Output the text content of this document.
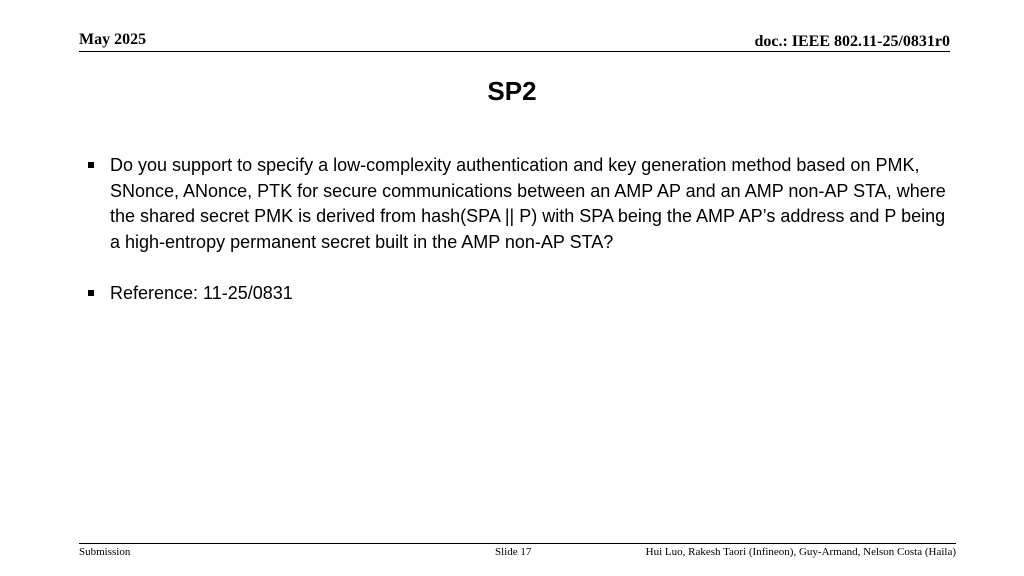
May 2025	doc.: IEEE 802.11-25/0831r0
SP2

Do you support to specify a low-complexity authentication and key generation method based on PMK, SNonce, ANonce, PTK for secure communications between an AMP AP and an AMP non-AP STA, where the shared secret PMK is derived from hash(SPA || P) with SPA being the AMP AP’s address and P being a high-entropy permanent secret built in the AMP non-AP STA?

Reference: 11-25/0831

Submission	Slide 17	Hui Luo, Rakesh Taori (Infineon), Guy-Armand, Nelson Costa (Haila)
